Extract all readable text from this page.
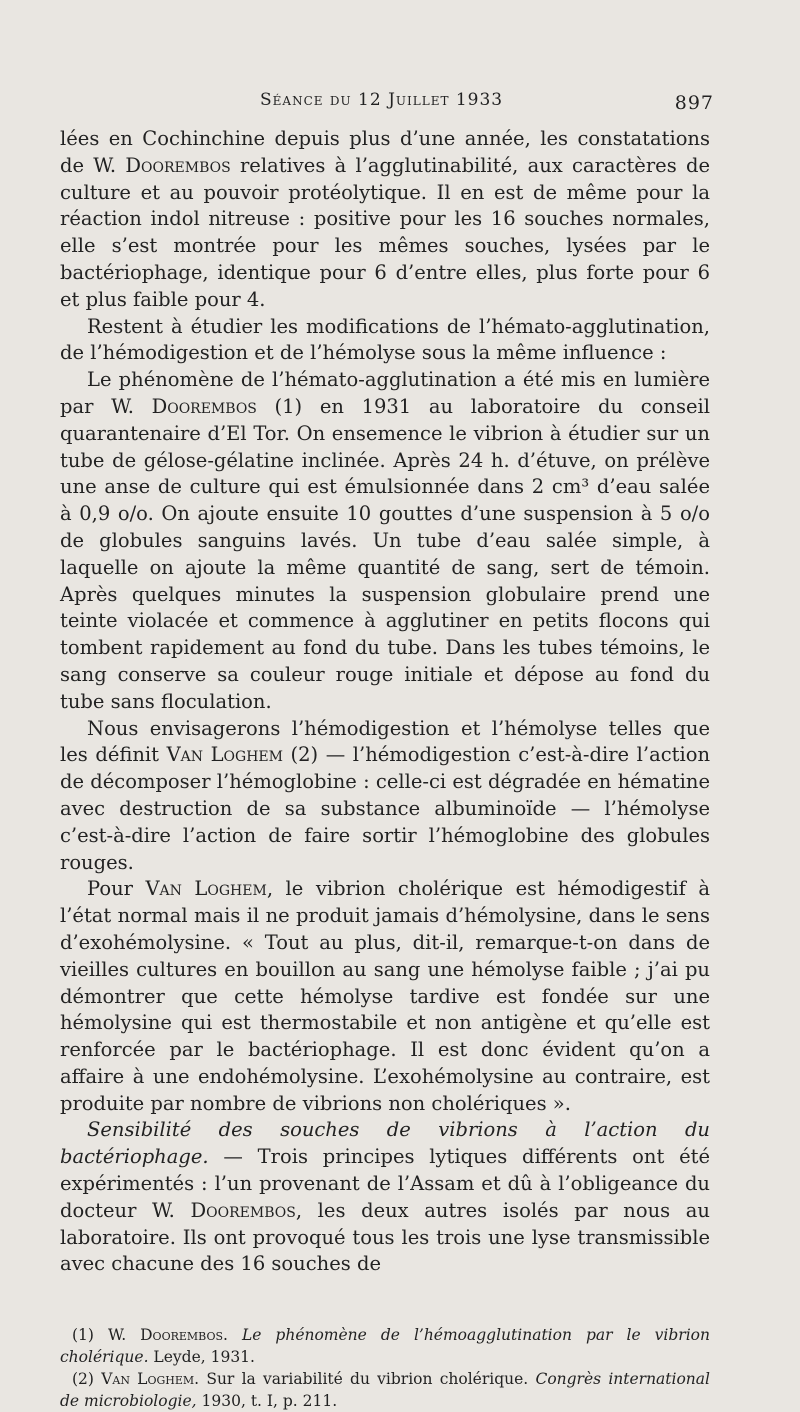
Séance du 12 Juillet 1933	897

lées en Cochinchine depuis plus d’une année, les constatations de W. Doorembos relatives à l’agglutinabilité, aux caractères de culture et au pouvoir protéolytique. Il en est de même pour la réaction indol nitreuse : positive pour les 16 souches normales, elle s’est montrée pour les mêmes souches, lysées par le bactériophage, identique pour 6 d’entre elles, plus forte pour 6 et plus faible pour 4.

Restent à étudier les modifications de l’hémato-agglutination, de l’hémodigestion et de l’hémolyse sous la même influence :

Le phénomène de l’hémato-agglutination a été mis en lumière par W. Doorembos (1) en 1931 au laboratoire du conseil quarantenaire d’El Tor. On ensemence le vibrion à étudier sur un tube de gélose-gélatine inclinée. Après 24 h. d’étuve, on prélève une anse de culture qui est émulsionnée dans 2 cm³ d’eau salée à 0,9 o/o. On ajoute ensuite 10 gouttes d’une suspension à 5 o/o de globules sanguins lavés. Un tube d’eau salée simple, à laquelle on ajoute la même quantité de sang, sert de témoin. Après quelques minutes la suspension globulaire prend une teinte violacée et commence à agglutiner en petits flocons qui tombent rapidement au fond du tube. Dans les tubes témoins, le sang conserve sa couleur rouge initiale et dépose au fond du tube sans floculation.

Nous envisagerons l’hémodigestion et l’hémolyse telles que les définit Van Loghem (2) — l’hémodigestion c’est-à-dire l’action de décomposer l’hémoglobine : celle-ci est dégradée en hématine avec destruction de sa substance albuminoïde — l’hémolyse c’est-à-dire l’action de faire sortir l’hémoglobine des globules rouges.

Pour Van Loghem, le vibrion cholérique est hémodigestif à l’état normal mais il ne produit jamais d’hémolysine, dans le sens d’exohémolysine. « Tout au plus, dit-il, remarque-t-on dans de vieilles cultures en bouillon au sang une hémolyse faible ; j’ai pu démontrer que cette hémolyse tardive est fondée sur une hémolysine qui est thermostabile et non antigène et qu’elle est renforcée par le bactériophage. Il est donc évident qu’on a affaire à une endohémolysine. L’exohémolysine au contraire, est produite par nombre de vibrions non cholériques ».

Sensibilité des souches de vibrions à l’action du bactériophage. — Trois principes lytiques différents ont été expérimentés : l’un provenant de l’Assam et dû à l’obligeance du docteur W. Doorembos, les deux autres isolés par nous au laboratoire. Ils ont provoqué tous les trois une lyse transmissible avec chacune des 16 souches de

(1) W. Doorembos. Le phénomène de l’hémoagglutination par le vibrion cholérique. Leyde, 1931.

(2) Van Loghem. Sur la variabilité du vibrion cholérique. Congrès international de microbiologie, 1930, t. I, p. 211.
